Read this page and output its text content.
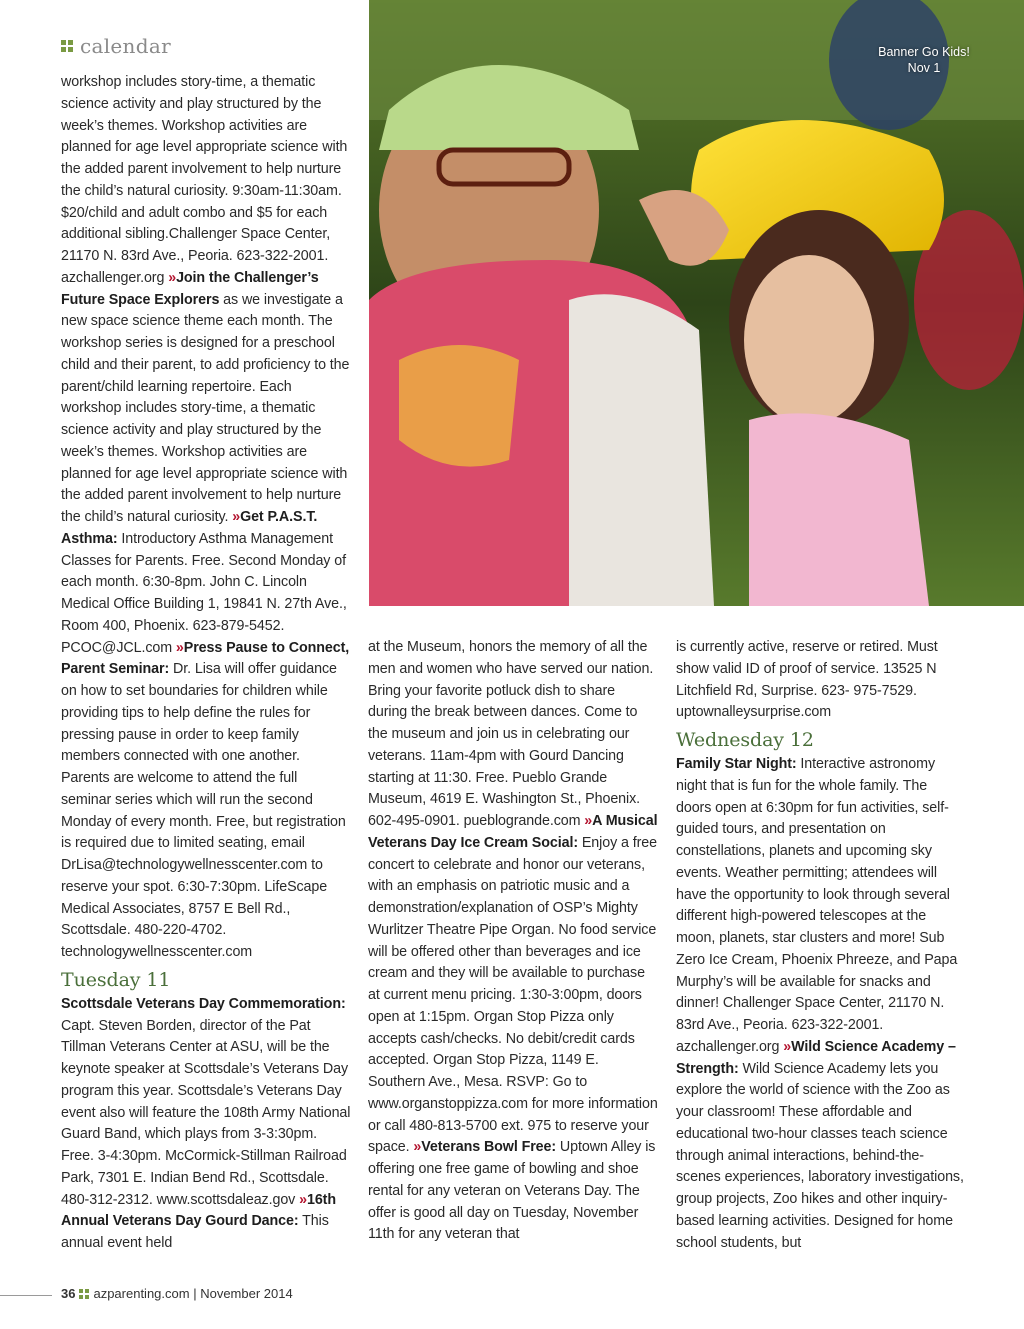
calendar

workshop includes story-time, a thematic science activity and play structured by the week’s themes. Workshop activities are planned for age level appropriate science with the added parent involvement to help nurture the child’s natural curiosity. 9:30am-11:30am. $20/child and adult combo and $5 for each additional sibling.Challenger Space Center, 21170 N. 83rd Ave., Peoria. 623-322-2001. azchallenger.org »Join the Challenger’s Future Space Explorers as we investigate a new space science theme each month. The workshop series is designed for a preschool child and their parent, to add proficiency to the parent/child learning repertoire. Each workshop includes story-time, a thematic science activity and play structured by the week’s themes. Workshop activities are planned for age level appropriate science with the added parent involvement to help nurture the child’s natural curiosity. »Get P.A.S.T. Asthma: Introductory Asthma Management Classes for Parents. Free. Second Monday of each month. 6:30-8pm. John C. Lincoln Medical Office Building 1, 19841 N. 27th Ave., Room 400, Phoenix. 623-879-5452. PCOC@JCL.com »Press Pause to Connect, Parent Seminar: Dr. Lisa will offer guidance on how to set boundaries for children while providing tips to help define the rules for pressing pause in order to keep family members connected with one another. Parents are welcome to attend the full seminar series which will run the second Monday of every month. Free, but registration is required due to limited seating, email DrLisa@technologywellnesscenter.com to reserve your spot. 6:30-7:30pm. LifeScape Medical Associates, 8757 E Bell Rd., Scottsdale. 480-220-4702. technologywellnesscenter.com

Tuesday 11

Scottsdale Veterans Day Commemoration: Capt. Steven Borden, director of the Pat Tillman Veterans Center at ASU, will be the keynote speaker at Scottsdale’s Veterans Day program this year. Scottsdale’s Veterans Day event also will feature the 108th Army National Guard Band, which plays from 3-3:30pm. Free. 3-4:30pm. McCormick-Stillman Railroad Park, 7301 E. Indian Bend Rd., Scottsdale. 480-312-2312. www.scottsdaleaz.gov »16th Annual Veterans Day Gourd Dance: This annual event held

Banner Go Kids!
Nov 1

at the Museum, honors the memory of all the men and women who have served our nation. Bring your favorite potluck dish to share during the break between dances. Come to the museum and join us in celebrating our veterans. 11am-4pm with Gourd Dancing starting at 11:30. Free. Pueblo Grande Museum, 4619 E. Washington St., Phoenix. 602-495-0901. pueblogrande.com »A Musical Veterans Day Ice Cream Social: Enjoy a free concert to celebrate and honor our veterans, with an emphasis on patriotic music and a demonstration/explanation of OSP’s Mighty Wurlitzer Theatre Pipe Organ. No food service will be offered other than beverages and ice cream and they will be available to purchase at current menu pricing. 1:30-3:00pm, doors open at 1:15pm. Organ Stop Pizza only accepts cash/checks. No debit/credit cards accepted. Organ Stop Pizza, 1149 E. Southern Ave., Mesa. RSVP: Go to www.organstoppizza.com for more information or call 480-813-5700 ext. 975 to reserve your space. »Veterans Bowl Free: Uptown Alley is offering one free game of bowling and shoe rental for any veteran on Veterans Day. The offer is good all day on Tuesday, November 11th for any veteran that

is currently active, reserve or retired. Must show valid ID of proof of service. 13525 N Litchfield Rd, Surprise. 623- 975-7529. uptownalleysurprise.com

Wednesday 12

Family Star Night: Interactive astronomy night that is fun for the whole family. The doors open at 6:30pm for fun activities, self-guided tours, and presentation on constellations, planets and upcoming sky events. Weather permitting; attendees will have the opportunity to look through several different high-powered telescopes at the moon, planets, star clusters and more! Sub Zero Ice Cream, Phoenix Phreeze, and Papa Murphy’s will be available for snacks and dinner! Challenger Space Center, 21170 N. 83rd Ave., Peoria. 623-322-2001. azchallenger.org »Wild Science Academy – Strength: Wild Science Academy lets you explore the world of science with the Zoo as your classroom! These affordable and educational two-hour classes teach science through animal interactions, behind-the-scenes experiences, laboratory investigations, group projects, Zoo hikes and other inquiry-based learning activities. Designed for home school students, but

36 azparenting.com | November 2014
